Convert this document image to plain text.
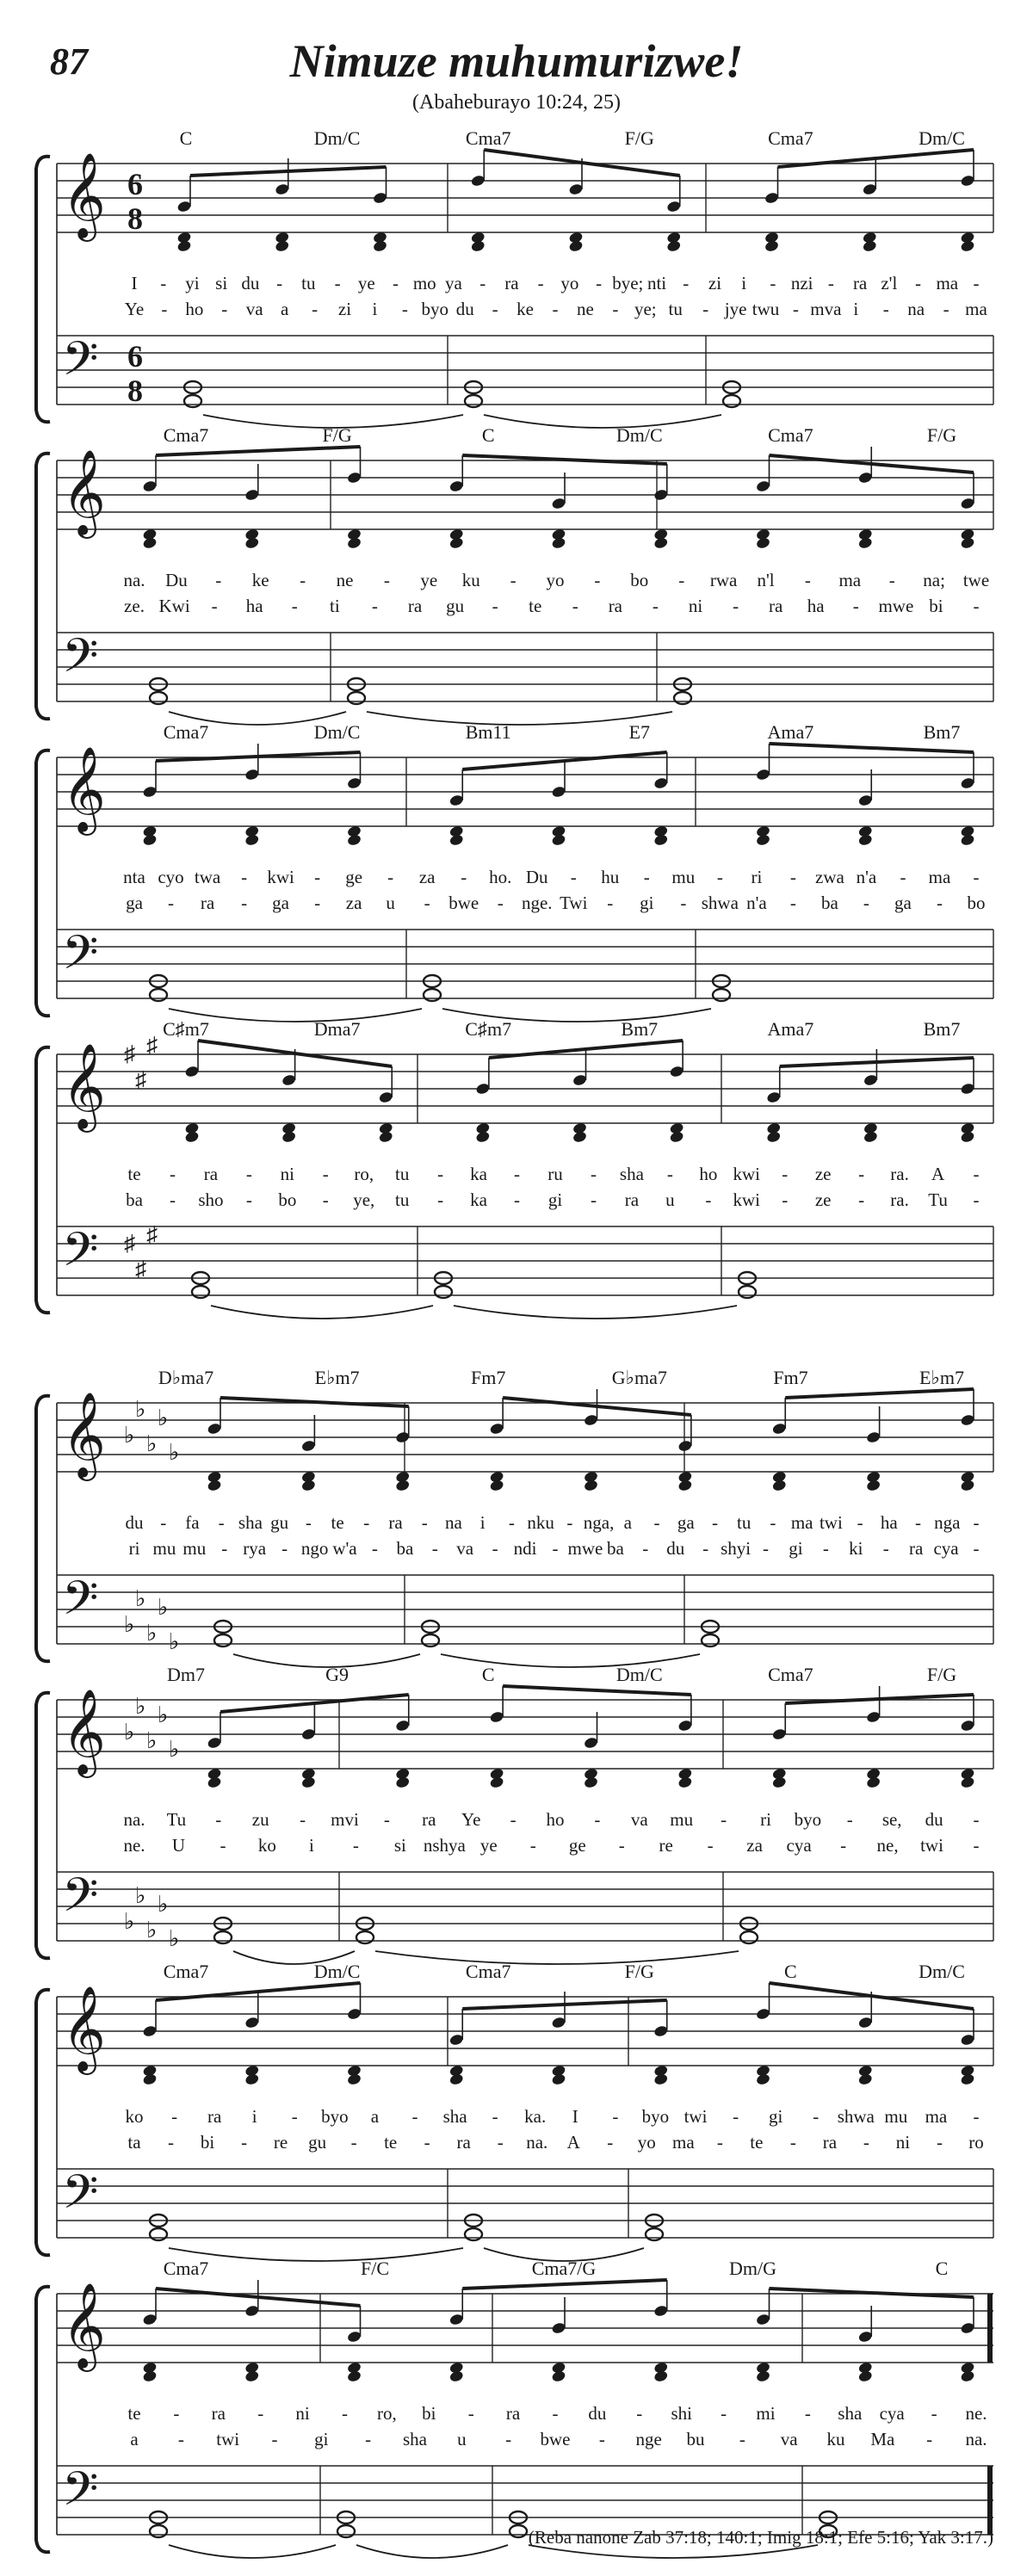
87	Nimuze muhumurizwe!
(Abaheburayo 10:24, 25)
C	Dm/C	Cma7	F/G	Cma7	Dm/C
𝄞
𝄢
6
8
6
8
I - yi si du - tu - ye - mo ya - ra - yo - bye; nti - zi i - nzi - ra z'l - ma -
Ye - ho - va a - zi i - byo du - ke - ne - ye; tu - jye twu - mva i - na - ma
Cma7	F/G	C	Dm/C	Cma7	F/G
𝄞
𝄢
na. Du - ke - ne - ye ku - yo - bo - rwa n'l - ma - na; twe
ze. Kwi - ha - ti - ra gu - te - ra - ni - ra ha - mwe bi -
Cma7	Dm/C	Bm11	E7	Ama7	Bm7
𝄞
𝄢
nta cyo twa - kwi - ge - za - ho. Du - hu - mu - ri - zwa n'a - ma -
ga - ra - ga - za u - bwe - nge. Twi - gi - shwa n'a - ba - ga - bo
C♯m7	Dma7	C♯m7	Bm7	Ama7	Bm7
𝄞
𝄢
♯
♯
♯
♯
♯
♯
te - ra - ni - ro, tu - ka - ru - sha - ho kwi - ze - ra. A -
ba - sho - bo - ye, tu - ka - gi - ra u - kwi - ze - ra. Tu -
D♭ma7	E♭m7	Fm7	G♭ma7	Fm7	E♭m7
𝄞
𝄢
♭
♭
♭
♭
♭
♭
♭
♭
♭
♭
du - fa - sha gu - te - ra - na i - nku - nga, a - ga - tu - ma twi - ha - nga -
ri mu mu - rya - ngo w'a - ba - va - ndi - mwe ba - du - shyi - gi - ki - ra cya -
Dm7	G9	C	Dm/C	Cma7	F/G
𝄞
𝄢
♭
♭
♭
♭
♭
♭
♭
♭
♭
♭
na. Tu - zu - mvi - ra Ye - ho - va mu - ri byo - se, du -
ne. U - ko i - si nshya ye - ge - re - za cya - ne, twi -
Cma7	Dm/C	Cma7	F/G	C	Dm/C
𝄞
𝄢
ko - ra i - byo a - sha - ka. I - byo twi - gi - shwa mu ma -
ta - bi - re gu - te - ra - na. A - yo ma - te - ra - ni - ro
Cma7	F/C	Cma7/G	Dm/G	C
𝄞
𝄢
te - ra - ni - ro, bi - ra - du - shi - mi - sha cya - ne.
a - twi - gi - sha u - bwe - nge bu - va ku Ma - na.
(Reba nanone Zab 37:18; 140:1; Imig 18:1; Efe 5:16; Yak 3:17.)
